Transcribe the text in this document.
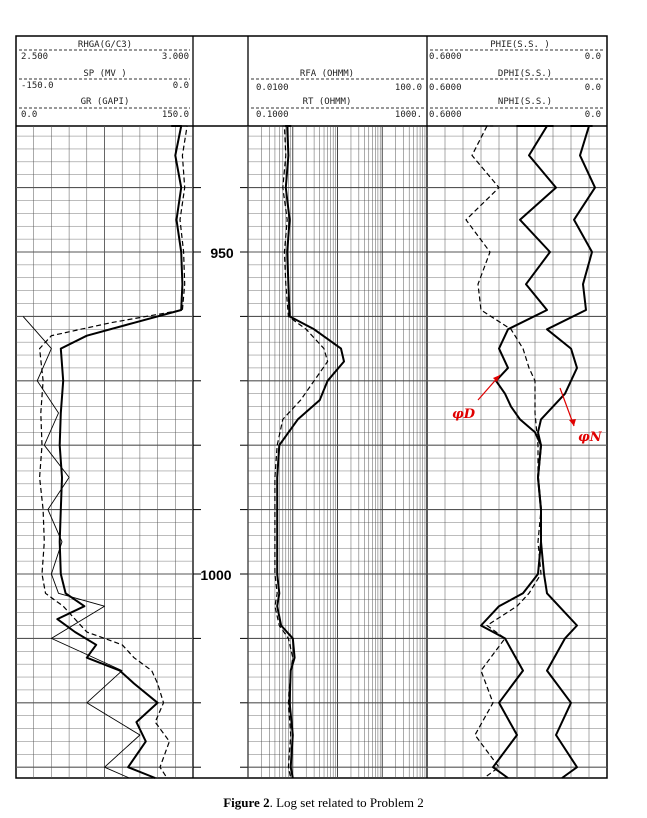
RHGA(G/C3)
2.500	3.000
SP (MV )
-150.0	0.0
GR (GAPI)
0.0	150.0
RFA (OHMM)
0.0100	100.0
RT (OHMM)
0.1000	1000.
PHIE(S.S. )
0.6000	0.0
DPHI(S.S.)
0.6000	0.0
NPHI(S.S.)
0.6000	0.0
950
1000
φD
φN
Figure 2. Log set related to Problem 2
